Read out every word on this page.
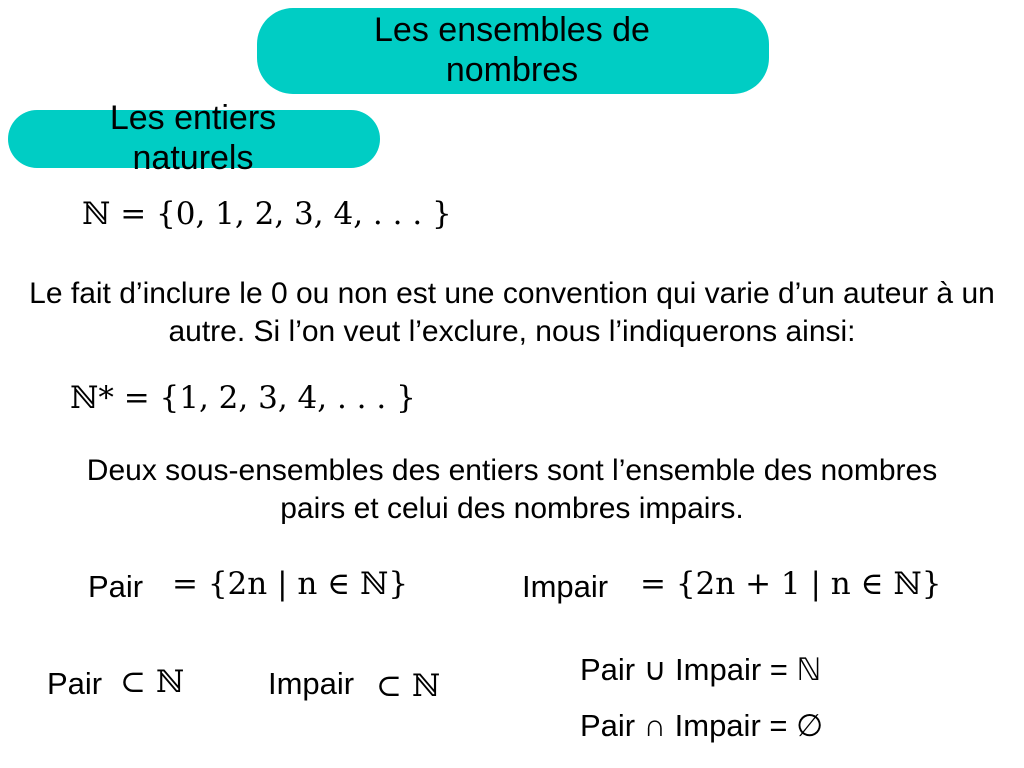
Les ensembles de nombres
Les entiers naturels
ℕ = {0, 1, 2, 3, 4, . . . }
Le fait d’inclure le 0 ou non est une convention qui varie d’un auteur à un autre. Si l’on veut l’exclure, nous l’indiquerons ainsi:
ℕ* = {1, 2, 3, 4, . . . }
Deux sous-ensembles des entiers sont l’ensemble des nombres pairs et celui des nombres impairs.
Pair = {2n | n ∈ ℕ}	Impair = {2n + 1 | n ∈ ℕ}
Pair ⊂ ℕ	Impair ⊂ ℕ	Pair ∪ Impair = ℕ
Pair ∩ Impair = ∅
